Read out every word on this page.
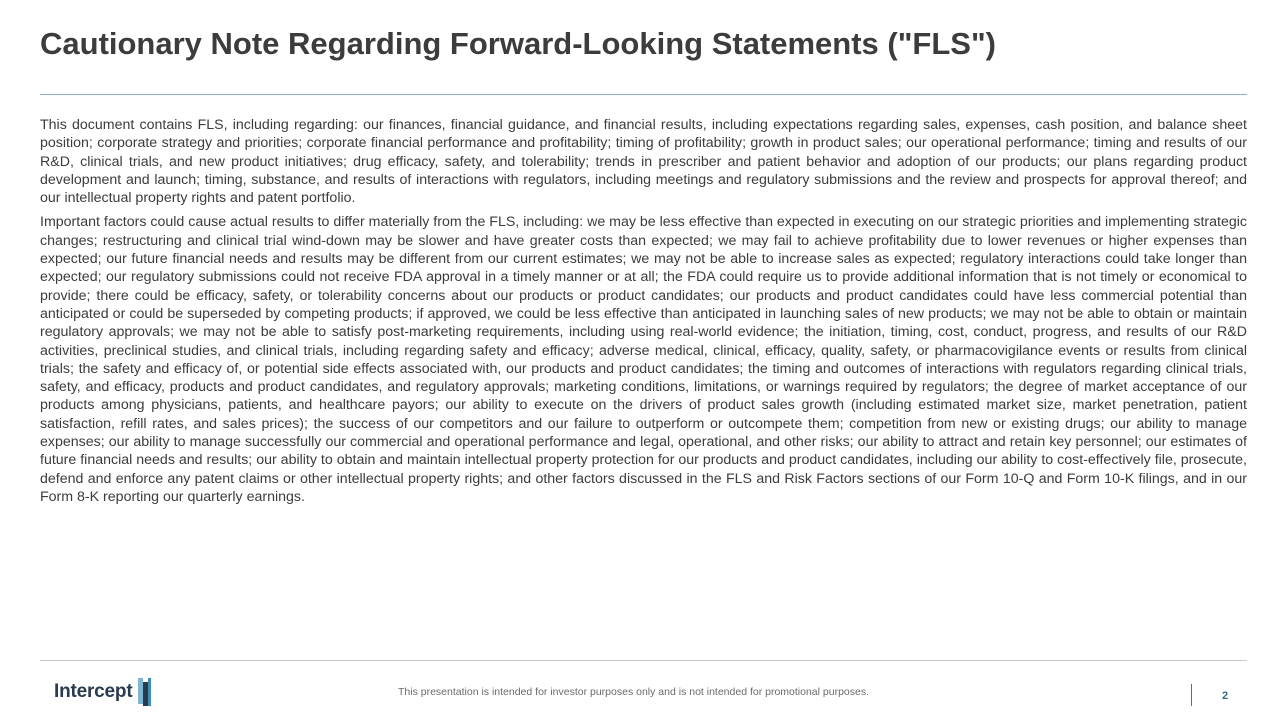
Cautionary Note Regarding Forward-Looking Statements ("FLS")

This document contains FLS, including regarding: our finances, financial guidance, and financial results, including expectations regarding sales, expenses, cash position, and balance sheet position; corporate strategy and priorities; corporate financial performance and profitability; timing of profitability; growth in product sales; our operational performance; timing and results of our R&D, clinical trials, and new product initiatives; drug efficacy, safety, and tolerability; trends in prescriber and patient behavior and adoption of our products; our plans regarding product development and launch; timing, substance, and results of interactions with regulators, including meetings and regulatory submissions and the review and prospects for approval thereof; and our intellectual property rights and patent portfolio.

Important factors could cause actual results to differ materially from the FLS, including: we may be less effective than expected in executing on our strategic priorities and implementing strategic changes; restructuring and clinical trial wind-down may be slower and have greater costs than expected; we may fail to achieve profitability due to lower revenues or higher expenses than expected; our future financial needs and results may be different from our current estimates; we may not be able to increase sales as expected; regulatory interactions could take longer than expected; our regulatory submissions could not receive FDA approval in a timely manner or at all; the FDA could require us to provide additional information that is not timely or economical to provide; there could be efficacy, safety, or tolerability concerns about our products or product candidates; our products and product candidates could have less commercial potential than anticipated or could be superseded by competing products; if approved, we could be less effective than anticipated in launching sales of new products; we may not be able to obtain or maintain regulatory approvals; we may not be able to satisfy post-marketing requirements, including using real-world evidence; the initiation, timing, cost, conduct, progress, and results of our R&D activities, preclinical studies, and clinical trials, including regarding safety and efficacy; adverse medical, clinical, efficacy, quality, safety, or pharmacovigilance events or results from clinical trials; the safety and efficacy of, or potential side effects associated with, our products and product candidates; the timing and outcomes of interactions with regulators regarding clinical trials, safety, and efficacy, products and product candidates, and regulatory approvals; marketing conditions, limitations, or warnings required by regulators; the degree of market acceptance of our products among physicians, patients, and healthcare payors; our ability to execute on the drivers of product sales growth (including estimated market size, market penetration, patient satisfaction, refill rates, and sales prices); the success of our competitors and our failure to outperform or outcompete them; competition from new or existing drugs; our ability to manage expenses; our ability to manage successfully our commercial and operational performance and legal, operational, and other risks; our ability to attract and retain key personnel; our estimates of future financial needs and results; our ability to obtain and maintain intellectual property protection for our products and product candidates, including our ability to cost-effectively file, prosecute, defend and enforce any patent claims or other intellectual property rights; and other factors discussed in the FLS and Risk Factors sections of our Form 10-Q and Form 10-K filings, and in our Form 8-K reporting our quarterly earnings.

Intercept	This presentation is intended for investor purposes only and is not intended for promotional purposes.	2
